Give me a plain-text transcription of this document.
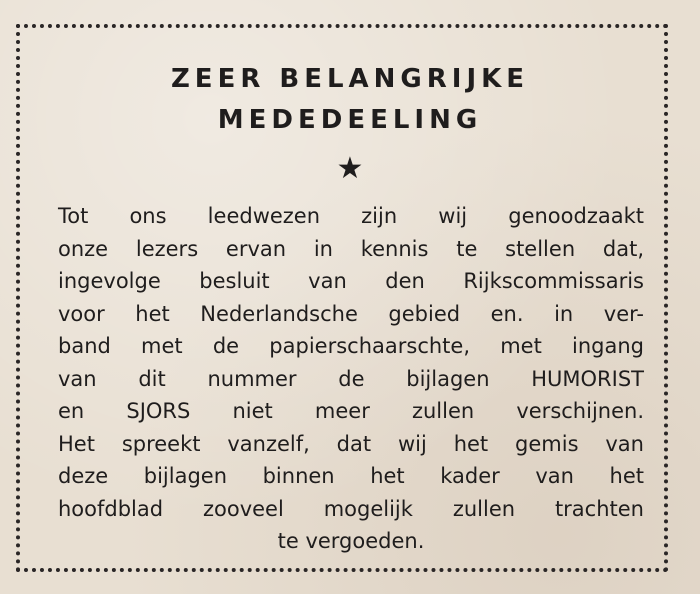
ZEER BELANGRIJKE
MEDEDEELING
★
Tot ons leedwezen zijn wij genoodzaakt
onze lezers ervan in kennis te stellen dat,
ingevolge besluit van den Rijkscommissaris
voor het Nederlandsche gebied en. in ver-
band met de papierschaarschte, met ingang
van dit nummer de bijlagen HUMORIST
en SJORS niet meer zullen verschijnen.
Het spreekt vanzelf, dat wij het gemis van
deze bijlagen binnen het kader van het
hoofdblad zooveel mogelijk zullen trachten
te vergoeden.
